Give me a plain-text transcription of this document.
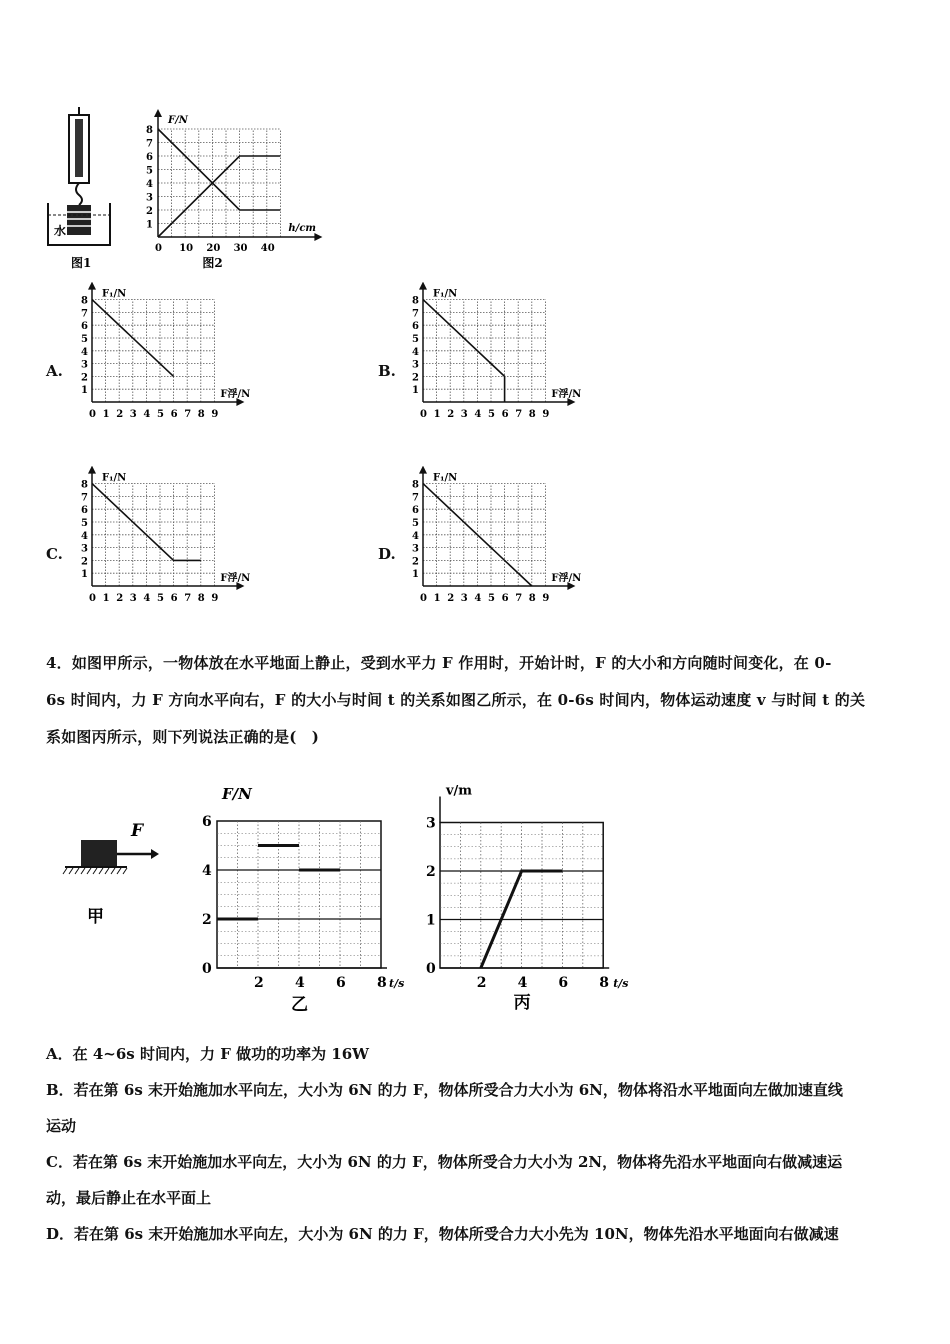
水
图1
1
2
3
4
5
6
7
8
0 10 20 30 40
F/N
h/cm
图2
A.
1
2
3
4
5
6
7
8
0 1 2 3 4 5 6 7 8 9
F₁/N
F浮/N
B.
1
2
3
4
5
6
7
8
0 1 2 3 4 5 6 7 8 9
F₁/N
F浮/N
C.
1
2
3
4
5
6
7
8
0 1 2 3 4 5 6 7 8 9
F₁/N
F浮/N
D.
1
2
3
4
5
6
7
8
0 1 2 3 4 5 6 7 8 9
F₁/N
F浮/N
4．如图甲所示，一物体放在水平地面上静止，受到水平力 F 作用时，开始计时，F 的大小和方向随时间变化，在 0-
6s 时间内，力 F 方向水平向右，F 的大小与时间 t 的关系如图乙所示，在 0-6s 时间内，物体运动速度 v 与时间 t 的关
系如图丙所示，则下列说法正确的是(　)
F
甲
0
2
4
6
2 4 6 8
F/N
t/s
乙
0
1
2
3
2 4 6 8
v/m
t/s
丙
A．在 4~6s 时间内，力 F 做功的功率为 16W
B．若在第 6s 末开始施加水平向左，大小为 6N 的力 F，物体所受合力大小为 6N，物体将沿水平地面向左做加速直线
运动
C．若在第 6s 末开始施加水平向左，大小为 6N 的力 F，物体所受合力大小为 2N，物体将先沿水平地面向右做减速运
动，最后静止在水平面上
D．若在第 6s 末开始施加水平向左，大小为 6N 的力 F，物体所受合力大小先为 10N，物体先沿水平地面向右做减速
